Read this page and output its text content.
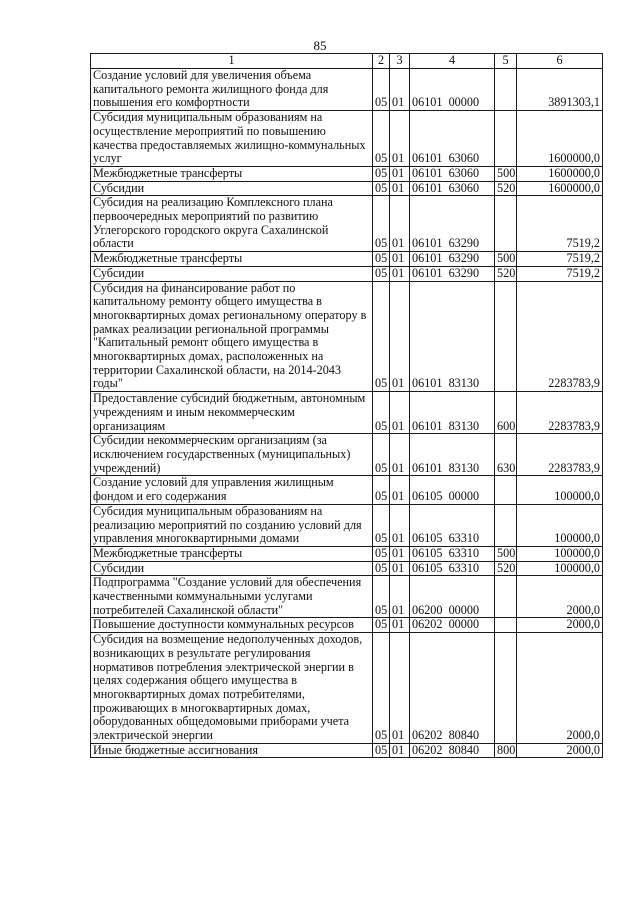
85
1	2	3	4	5	6
Создание условий для увеличения объема капитального ремонта жилищного фонда для повышения его комфортности	05	01	06101  00000		3891303,1
Субсидия муниципальным образованиям на осуществление мероприятий по повышению качества предоставляемых жилищно-коммунальных услуг	05	01	06101  63060		1600000,0
Межбюджетные трансферты	05	01	06101  63060	500	1600000,0
Субсидии	05	01	06101  63060	520	1600000,0
Субсидия на реализацию Комплексного плана первоочередных мероприятий по развитию Углегорского городского округа Сахалинской области	05	01	06101  63290		7519,2
Межбюджетные трансферты	05	01	06101  63290	500	7519,2
Субсидии	05	01	06101  63290	520	7519,2
Субсидия на финансирование работ по капитальному ремонту общего имущества в многоквартирных домах региональному оператору в рамках реализации региональной программы "Капитальный ремонт общего имущества в многоквартирных домах, расположенных на территории Сахалинской области, на 2014-2043 годы"	05	01	06101  83130		2283783,9
Предоставление субсидий бюджетным, автономным учреждениям и иным некоммерческим организациям	05	01	06101  83130	600	2283783,9
Субсидии некоммерческим организациям (за исключением государственных (муниципальных) учреждений)	05	01	06101  83130	630	2283783,9
Создание условий для управления жилищным фондом и его содержания	05	01	06105  00000		100000,0
Субсидия муниципальным образованиям на реализацию мероприятий по созданию условий для управления многоквартирными домами	05	01	06105  63310		100000,0
Межбюджетные трансферты	05	01	06105  63310	500	100000,0
Субсидии	05	01	06105  63310	520	100000,0
Подпрограмма "Создание условий для обеспечения качественными коммунальными услугами потребителей Сахалинской области"	05	01	06200  00000		2000,0
Повышение доступности коммунальных ресурсов	05	01	06202  00000		2000,0
Субсидия на возмещение недополученных доходов, возникающих в результате регулирования нормативов потребления электрической энергии в целях содержания общего имущества в многоквартирных домах потребителями, проживающих в многоквартирных домах, оборудованных общедомовыми приборами учета электрической энергии	05	01	06202  80840		2000,0
Иные бюджетные ассигнования	05	01	06202  80840	800	2000,0
